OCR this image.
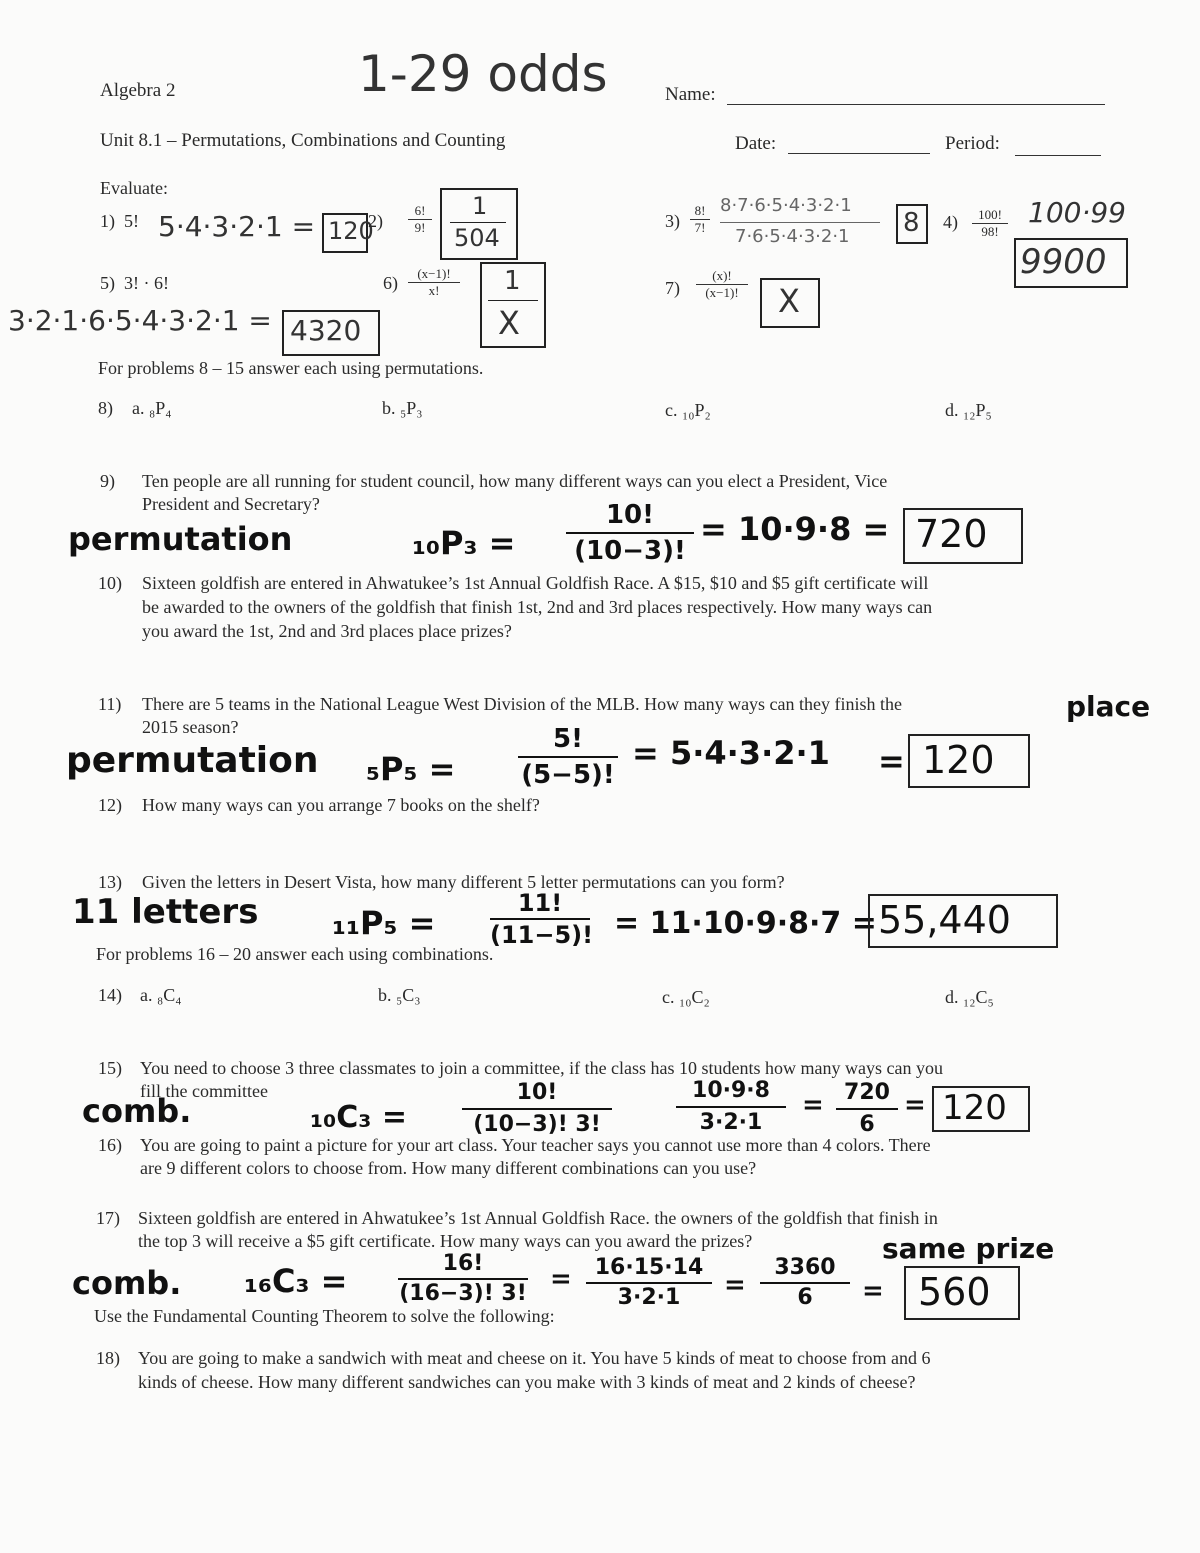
Algebra 2	1-29 odds	Name:
Unit 8.1 – Permutations, Combinations and Counting	Date:	Period:
Evaluate:
1) 5! 5·4·3·2·1 = 120
$2) \frac{6!}{9!} 1$
504
$3) \frac{8!}{7!} 8\cdot 7\cdot 6\cdot 5\cdot 4\cdot 3\cdot 2\cdot 1$
7·6·5·4·3·2·1 8 $4) \frac{100!}{98!} 100\cdot 99$
9900
5) 3! · 6!
3·2·1·6·5·4·3·2·1 = 4320
$6) \frac{(x-1)!}{x!} 1$
X
$7) \frac{(x)!}{(x-1)!}$ X
For problems 8 – 15 answer each using permutations.
8) a. ₈P₄	b. ₅P₃	c. ₁₀P₂	d. ₁₂P₅
9) Ten people are all running for student council, how many different ways can you elect a President, Vice
President and Secretary?
permutation	$_{10}P_3 = \frac{10!}{(10-3)!} = 10\cdot 9\cdot 8 = 720$
10) Sixteen goldfish are entered in Ahwatukee’s 1st Annual Goldfish Race. A $15, $10 and $5 gift certificate will
be awarded to the owners of the goldfish that finish 1st, 2nd and 3rd places respectively. How many ways can
you award the 1st, 2nd and 3rd places place prizes?
11) There are 5 teams in the National League West Division of the MLB. How many ways can they finish the
2015 season?
place
permutation $_5P_5 = \frac{5!}{(5-5)!} = 5\cdot 4\cdot 3\cdot 2\cdot 1 = 120$
12) How many ways can you arrange 7 books on the shelf?
13) Given the letters in Desert Vista, how many different 5 letter permutations can you form?
11 letters $_{11}P_5 = \frac{11!}{(11-5)!} = 11\cdot 10\cdot 9\cdot 8\cdot 7 = 55,440$
For problems 16 – 20 answer each using combinations.
14) a. ₈C₄	b. ₅C₃	c. ₁₀C₂	d. ₁₂C₅
15) You need to choose 3 three classmates to join a committee, if the class has 10 students how many ways can you
fill the committee
comb.	$_{10}C_3 = \frac{10!}{(10-3)! 3!}$	$\frac{10\cdot 9\cdot 8}{3\cdot 2\cdot 1} = \frac{720}{6} = 120$
16) You are going to paint a picture for your art class. Your teacher says you cannot use more than 4 colors. There
are 9 different colors to choose from. How many different combinations can you use?
17) Sixteen goldfish are entered in Ahwatukee’s 1st Annual Goldfish Race. the owners of the goldfish that finish in
the top 3 will receive a $5 gift certificate. How many ways can you award the prizes?	same prize
comb. $_{16}C_3 = \frac{16!}{(16-3)! 3!} = \frac{16\cdot 15\cdot 14}{3\cdot 2\cdot 1} = \frac{3360}{6} = 560$
Use the Fundamental Counting Theorem to solve the following:
18) You are going to make a sandwich with meat and cheese on it. You have 5 kinds of meat to choose from and 6
kinds of cheese. How many different sandwiches can you make with 3 kinds of meat and 2 kinds of cheese?
